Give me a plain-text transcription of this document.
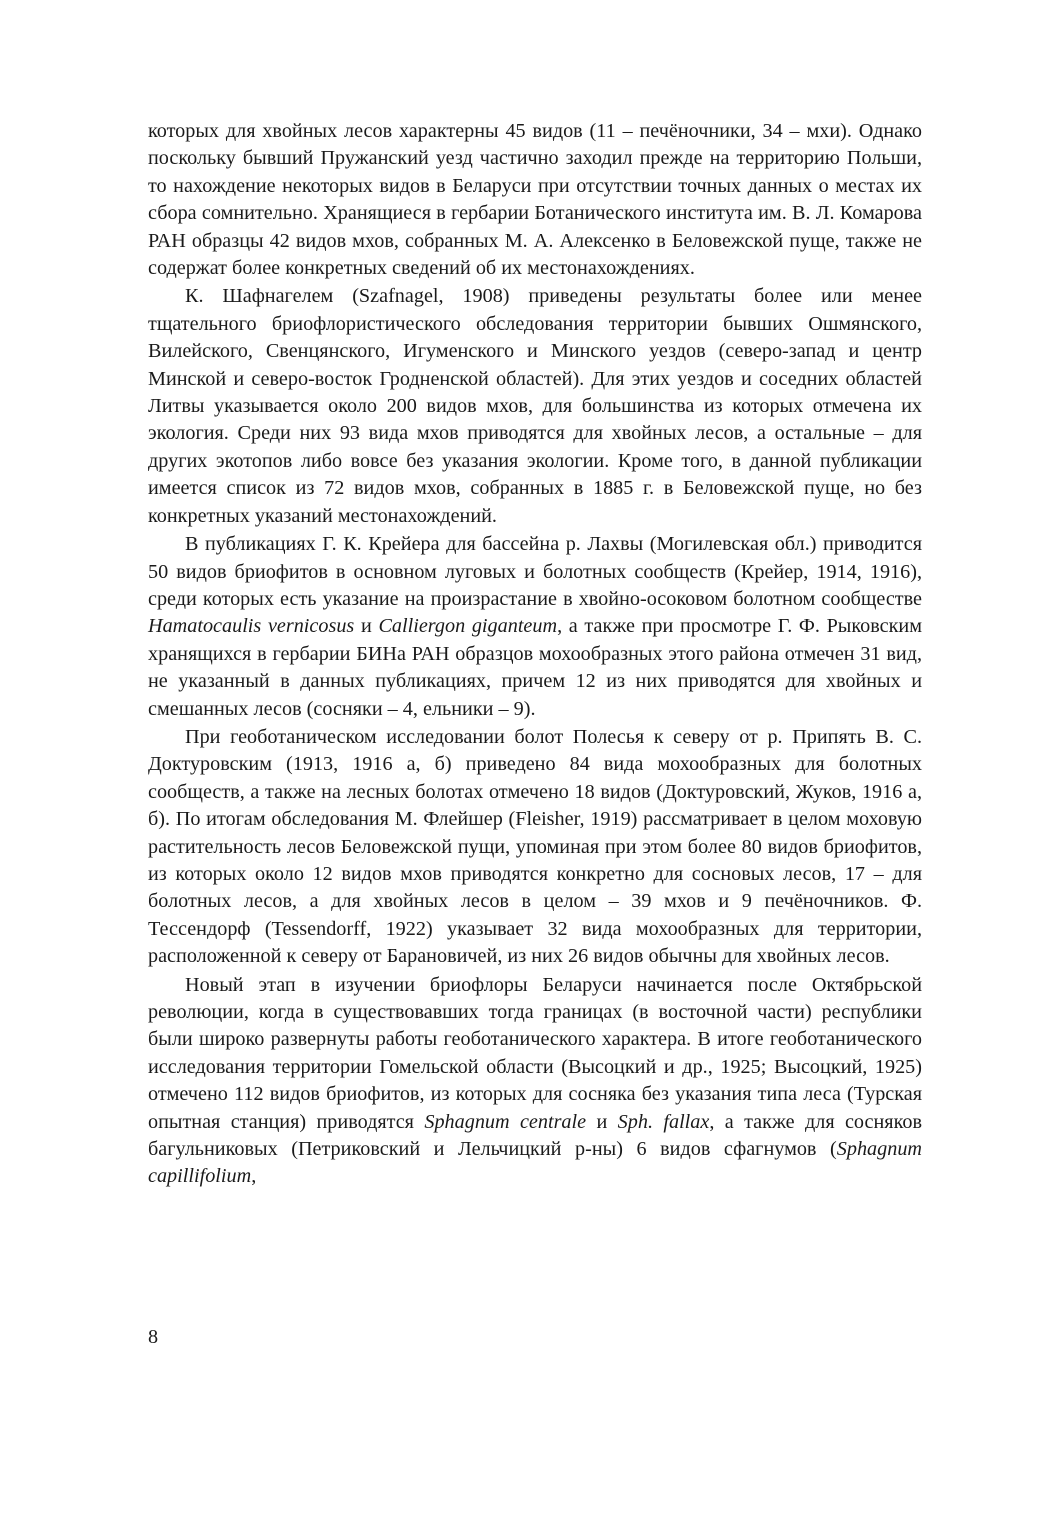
которых для хвойных лесов характерны 45 видов (11 – печёночники, 34 – мхи). Однако поскольку бывший Пружанский уезд частично заходил прежде на территорию Польши, то нахождение некоторых видов в Беларуси при отсутствии точных данных о местах их сбора сомнительно. Хранящиеся в гербарии Ботанического института им. В. Л. Комарова РАН образцы 42 видов мхов, собранных М. А. Алексенко в Беловежской пуще, также не содержат более конкретных сведений об их местонахождениях.

К. Шафнагелем (Szafnagel, 1908) приведены результаты более или менее тщательного бриофлористического обследования территории бывших Ошмянского, Вилейского, Свенцянского, Игуменского и Минского уездов (северо-запад и центр Минской и северо-восток Гродненской областей). Для этих уездов и соседних областей Литвы указывается около 200 видов мхов, для большинства из которых отмечена их экология. Среди них 93 вида мхов приводятся для хвойных лесов, а остальные – для других экотопов либо вовсе без указания экологии. Кроме того, в данной публикации имеется список из 72 видов мхов, собранных в 1885 г. в Беловежской пуще, но без конкретных указаний местонахождений.

В публикациях Г. К. Крейера для бассейна р. Лахвы (Могилевская обл.) приводится 50 видов бриофитов в основном луговых и болотных сообществ (Крейер, 1914, 1916), среди которых есть указание на произрастание в хвойно-осоковом болотном сообществе Hamatocaulis vernicosus и Calliergon giganteum, а также при просмотре Г. Ф. Рыковским хранящихся в гербарии БИНа РАН образцов мохообразных этого района отмечен 31 вид, не указанный в данных публикациях, причем 12 из них приводятся для хвойных и смешанных лесов (сосняки – 4, ельники – 9).

При геоботаническом исследовании болот Полесья к северу от р. Припять В. С. Доктуровским (1913, 1916 а, б) приведено 84 вида мохообразных для болотных сообществ, а также на лесных болотах отмечено 18 видов (Доктуровский, Жуков, 1916 а, б). По итогам обследования М. Флейшер (Fleisher, 1919) рассматривает в целом моховую растительность лесов Беловежской пущи, упоминая при этом более 80 видов бриофитов, из которых около 12 видов мхов приводятся конкретно для сосновых лесов, 17 – для болотных лесов, а для хвойных лесов в целом – 39 мхов и 9 печёночников. Ф. Тессендорф (Tessendorff, 1922) указывает 32 вида мохообразных для территории, расположенной к северу от Барановичей, из них 26 видов обычны для хвойных лесов.

Новый этап в изучении бриофлоры Беларуси начинается после Октябрьской революции, когда в существовавших тогда границах (в восточной части) республики были широко развернуты работы геоботанического характера. В итоге геоботанического исследования территории Гомельской области (Высоцкий и др., 1925; Высоцкий, 1925) отмечено 112 видов бриофитов, из которых для сосняка без указания типа леса (Турская опытная станция) приводятся Sphagnum centrale и Sph. fallax, а также для сосняков багульниковых (Петриковский и Лельчицкий р-ны) 6 видов сфагнумов (Sphagnum capillifolium,

8
